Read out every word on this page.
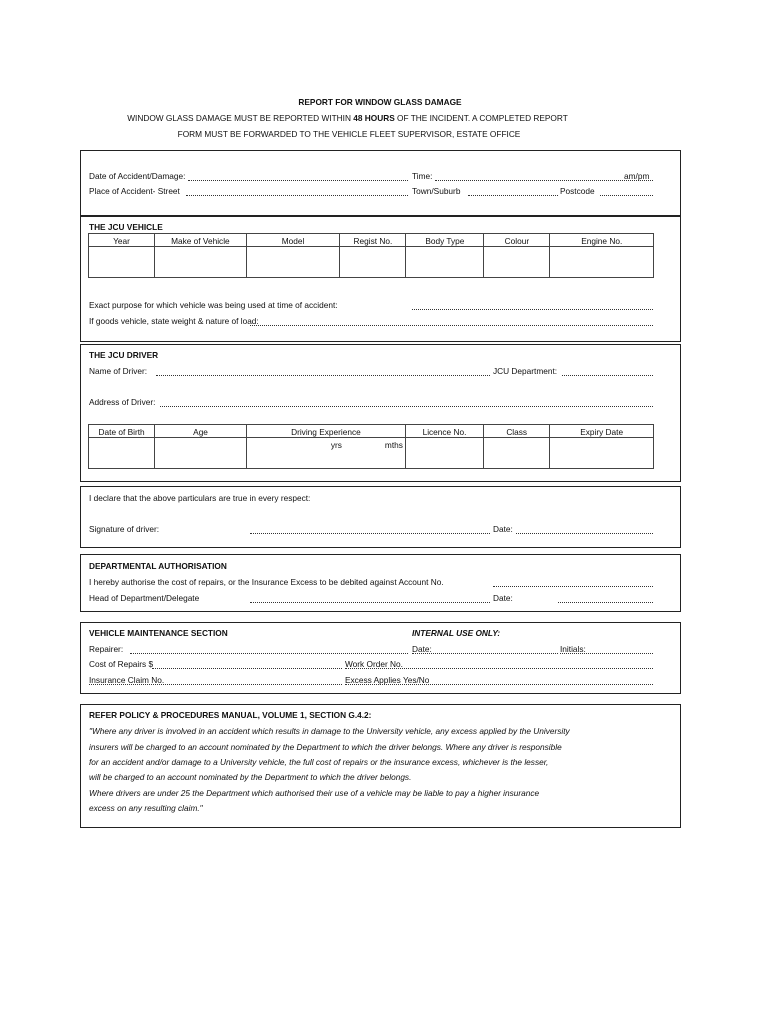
REPORT FOR WINDOW GLASS DAMAGE
WINDOW GLASS DAMAGE MUST BE REPORTED WITHIN 48 HOURS OF THE INCIDENT. A COMPLETED REPORT
FORM MUST BE FORWARDED TO THE VEHICLE FLEET SUPERVISOR, ESTATE OFFICE
Date of Accident/Damage:	Time:	am/pm
Place of Accident- Street	Town/Suburb	Postcode
THE JCU VEHICLE
Year	Make of Vehicle	Model	Regist No.	Body Type	Colour	Engine No.

Exact purpose for which vehicle was being used at time of accident:
If goods vehicle, state weight & nature of load:
THE JCU DRIVER
Name of Driver:	JCU Department:
Address of Driver:
Date of Birth	Age	Driving Experience	Licence No.	Class	Expiry Date

		yrs mths			

I declare that the above particulars are true in every respect:
Signature of driver:	Date:
DEPARTMENTAL AUTHORISATION
I hereby authorise the cost of repairs, or the Insurance Excess to be debited against Account No.
Head of Department/Delegate	Date:
VEHICLE MAINTENANCE SECTION	INTERNAL USE ONLY:
Repairer:	Date:	Initials:
Cost of Repairs $	Work Order No.
Insurance Claim No.	Excess Applies Yes/No
REFER POLICY & PROCEDURES MANUAL, VOLUME 1, SECTION G.4.2:
"Where any driver is involved in an accident which results in damage to the University vehicle, any excess applied by the University
insurers will be charged to an account nominated by the Department to which the driver belongs. Where any driver is responsible
for an accident and/or damage to a University vehicle, the full cost of repairs or the insurance excess, whichever is the lesser,
will be charged to an account nominated by the Department to which the driver belongs.
Where drivers are under 25 the Department which authorised their use of a vehicle may be liable to pay a higher insurance
excess on any resulting claim."
